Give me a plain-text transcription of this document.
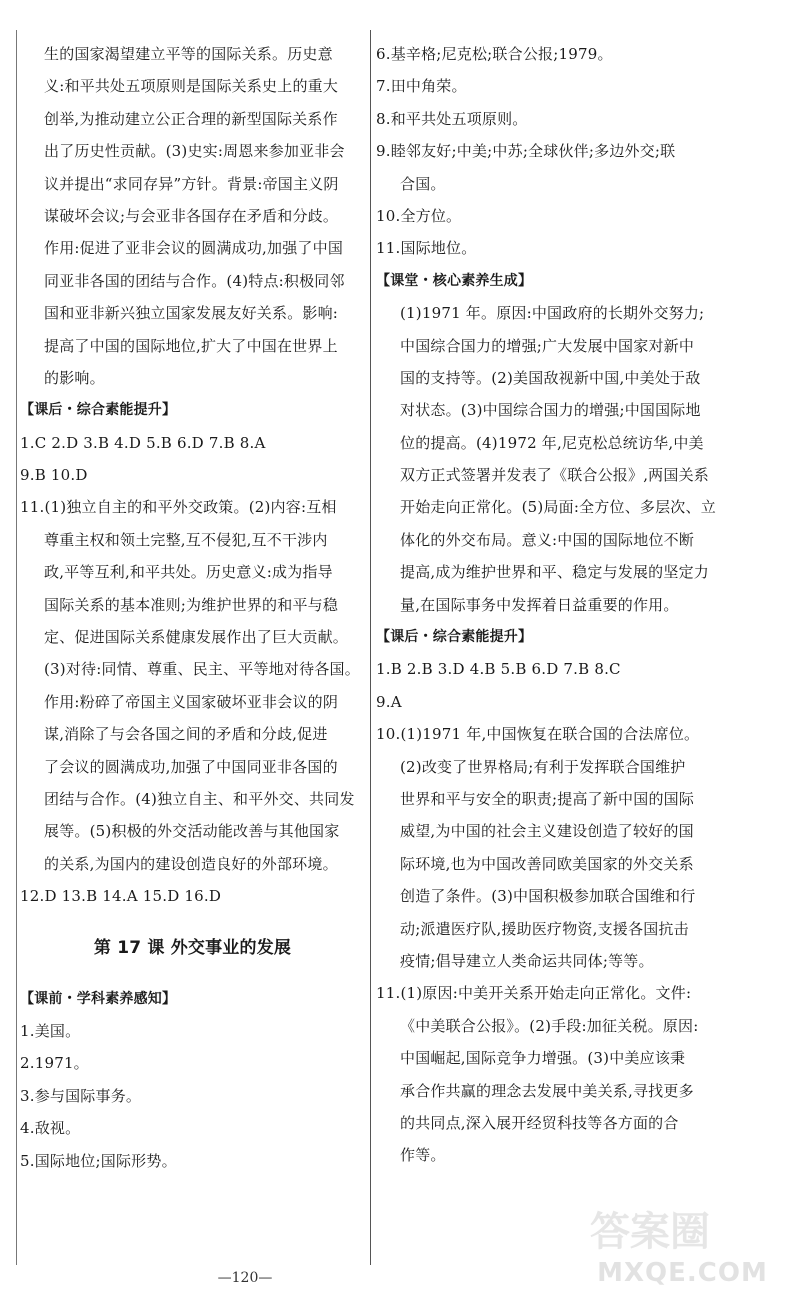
生的国家渴望建立平等的国际关系。历史意
义:和平共处五项原则是国际关系史上的重大
创举,为推动建立公正合理的新型国际关系作
出了历史性贡献。(3)史实:周恩来参加亚非会
议并提出“求同存异”方针。背景:帝国主义阴
谋破坏会议;与会亚非各国存在矛盾和分歧。
作用:促进了亚非会议的圆满成功,加强了中国
同亚非各国的团结与合作。(4)特点:积极同邻
国和亚非新兴独立国家发展友好关系。影响:
提高了中国的国际地位,扩大了中国在世界上
的影响。
【课后・综合素能提升】
1.C 2.D 3.B 4.D 5.B 6.D 7.B 8.A
9.B 10.D
11.(1)独立自主的和平外交政策。(2)内容:互相
尊重主权和领土完整,互不侵犯,互不干涉内
政,平等互利,和平共处。历史意义:成为指导
国际关系的基本准则;为维护世界的和平与稳
定、促进国际关系健康发展作出了巨大贡献。
(3)对待:同情、尊重、民主、平等地对待各国。
作用:粉碎了帝国主义国家破坏亚非会议的阴
谋,消除了与会各国之间的矛盾和分歧,促进
了会议的圆满成功,加强了中国同亚非各国的
团结与合作。(4)独立自主、和平外交、共同发
展等。(5)积极的外交活动能改善与其他国家
的关系,为国内的建设创造良好的外部环境。
12.D 13.B 14.A 15.D 16.D
第 17 课 外交事业的发展
【课前・学科素养感知】
1.美国。
2.1971。
3.参与国际事务。
4.敌视。
5.国际地位;国际形势。
6.基辛格;尼克松;联合公报;1979。
7.田中角荣。
8.和平共处五项原则。
9.睦邻友好;中美;中苏;全球伙伴;多边外交;联
合国。
10.全方位。
11.国际地位。
【课堂・核心素养生成】
(1)1971 年。原因:中国政府的长期外交努力;
中国综合国力的增强;广大发展中国家对新中
国的支持等。(2)美国敌视新中国,中美处于敌
对状态。(3)中国综合国力的增强;中国国际地
位的提高。(4)1972 年,尼克松总统访华,中美
双方正式签署并发表了《联合公报》,两国关系
开始走向正常化。(5)局面:全方位、多层次、立
体化的外交布局。意义:中国的国际地位不断
提高,成为维护世界和平、稳定与发展的坚定力
量,在国际事务中发挥着日益重要的作用。
【课后・综合素能提升】
1.B 2.B 3.D 4.B 5.B 6.D 7.B 8.C
9.A
10.(1)1971 年,中国恢复在联合国的合法席位。
(2)改变了世界格局;有利于发挥联合国维护
世界和平与安全的职责;提高了新中国的国际
威望,为中国的社会主义建设创造了较好的国
际环境,也为中国改善同欧美国家的外交关系
创造了条件。(3)中国积极参加联合国维和行
动;派遣医疗队,援助医疗物资,支援各国抗击
疫情;倡导建立人类命运共同体;等等。
11.(1)原因:中美开关系开始走向正常化。文件:
《中美联合公报》。(2)手段:加征关税。原因:
中国崛起,国际竞争力增强。(3)中美应该秉
承合作共赢的理念去发展中美关系,寻找更多
的共同点,深入展开经贸科技等各方面的合
作等。
—120—
答案圈
MXQE.COM
